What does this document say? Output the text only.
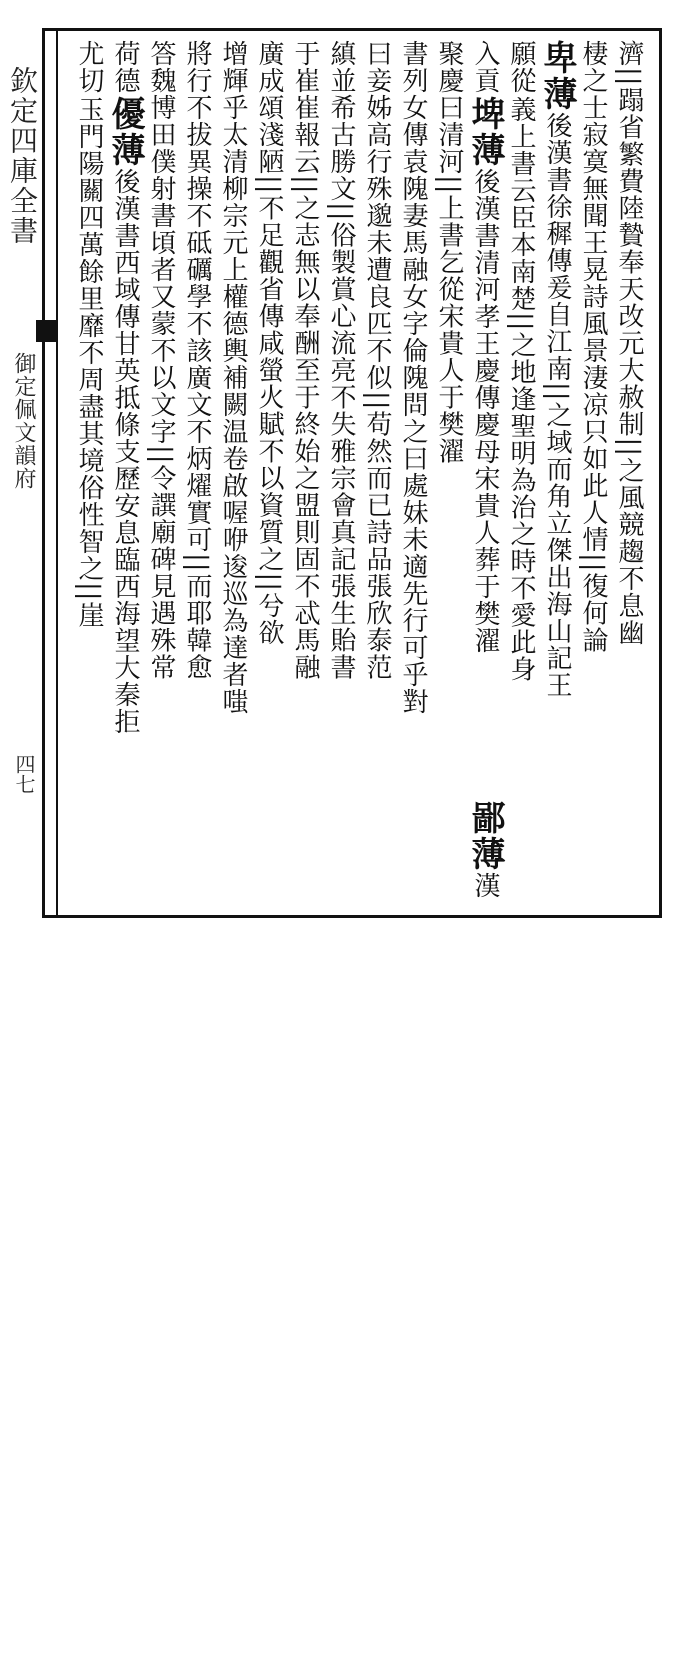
欽定四庫全書
御定佩文韻府
四七
濟||蹋省繁費陸贄奉天改元大赦制||之風競趨不息幽
棲之士寂寞無聞王晃詩風景淒凉只如此人情||復何論
卑薄後漢書徐穉傳爰自江南||之域而角立傑出海山記王
義上書云臣本南楚||之地逢聖明為治之時不愛此身
願從
埤薄後漢書清河孝王慶傳慶母宋貴人葬于樊濯
入貢
聚慶曰清河||上書乞從宋貴人于樊濯
鄙薄漢
書列女傳袁隗妻馬融女字倫隗問之曰處妹未適先行可乎對
曰妾姊高行殊邈未遭良匹不似||苟然而已詩品張欣泰范
縝並希古勝文||俗製賞心流亮不失雅宗會真記張生貽書
于崔崔報云||之志無以奉酬至于終始之盟則固不忒馬融
廣成頌淺陋||不足觀省傳咸螢火賦不以資質之||兮欲
增輝乎太清柳宗元上權德輿補闕温卷啟喔咿逡巡為達者嗤
將行不拔異操不砥礪學不該廣文不炳燿實可||而耶韓愈
答魏博田僕射書頃者又蒙不以文字||令譔廟碑見遇殊常
荷德
優薄後漢書西域傳甘英抵條支歷安息臨西海望大秦拒
尤切
玉門陽關四萬餘里靡不周盡其境俗性智之||崖
